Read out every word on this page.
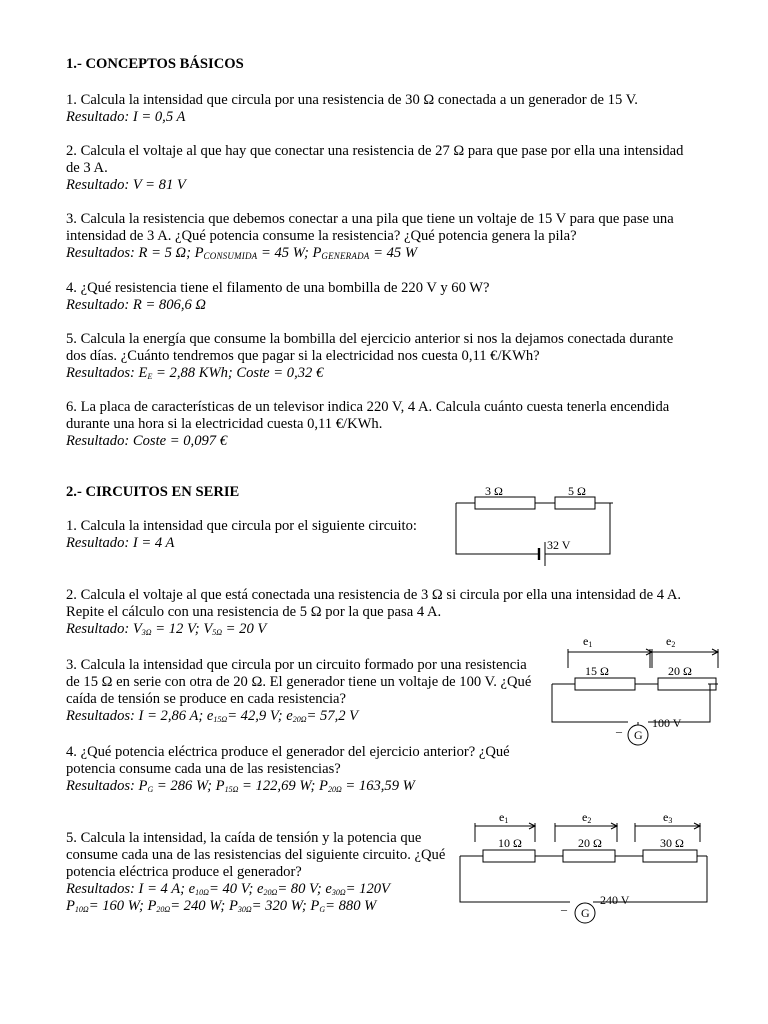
1.- CONCEPTOS BÁSICOS

1. Calcula la intensidad que circula por una resistencia de 30 Ω conectada a un generador de 15 V.

Resultado: I = 0,5 A

2. Calcula el voltaje al que hay que conectar una resistencia de 27 Ω para que pase por ella una intensidad

de 3 A.

Resultado: V = 81 V

3. Calcula la resistencia que debemos conectar a una pila que tiene un voltaje de 15 V para que pase una

intensidad de 3 A. ¿Qué potencia consume la resistencia? ¿Qué potencia genera la pila?

Resultados: R = 5 Ω; $P_{CONSUMIDA} = 45$ W; $P_{GENERADA} = 45$ W

4. ¿Qué resistencia tiene el filamento de una bombilla de 220 V y 60 W?

Resultado: R = 806,6 Ω

5. Calcula la energía que consume la bombilla del ejercicio anterior si nos la dejamos conectada durante

dos días. ¿Cuánto tendremos que pagar si la electricidad nos cuesta 0,11 €/KWh?

Resultados: $E_E = 2,88$ KWh; Coste = 0,32 €

6. La placa de características de un televisor indica 220 V, 4 A. Calcula cuánto cuesta tenerla encendida

durante una hora si la electricidad cuesta 0,11 €/KWh.

Resultado: Coste = 0,097 €

2.- CIRCUITOS EN SERIE

1. Calcula la intensidad que circula por el siguiente circuito:

Resultado: I = 4 A

2. Calcula el voltaje al que está conectada una resistencia de 3 Ω si circula por ella una intensidad de 4 A.

Repite el cálculo con una resistencia de 5 Ω por la que pasa 4 A.

Resultado: $V_{3\Omega} = 12$ V; $V_{5\Omega} = 20$ V

3. Calcula la intensidad que circula por un circuito formado por una resistencia

de 15 Ω en serie con otra de 20 Ω. El generador tiene un voltaje de 100 V. ¿Qué

caída de tensión se produce en cada resistencia?

Resultados: I = 2,86 A; $e_{15\Omega}= 42,9$ V; $e_{20\Omega}= 57,2$ V

4. ¿Qué potencia eléctrica produce el generador del ejercicio anterior? ¿Qué

potencia consume cada una de las resistencias?

Resultados: $P_G = 286$ W; $P_{15\Omega} = 122,69$ W; $P_{20\Omega} = 163,59$ W

5. Calcula la intensidad, la caída de tensión y la potencia que

consume cada una de las resistencias del siguiente circuito. ¿Qué

potencia eléctrica produce el generador?

Resultados: I = 4 A; $e_{10\Omega}= 40$ V; $e_{20\Omega}= 80$ V; $e_{30\Omega}= 120V$

$P_{10\Omega}= 160$ W; $P_{20\Omega}= 240$ W; $P_{30\Omega}= 320$ W; $P_G= 880$ W

3 Ω	5 Ω
32 V
e1	e2
15 Ω	20 Ω
– G
100 V
e1	e2	e3
10 Ω	20 Ω	30 Ω
– G
240 V
